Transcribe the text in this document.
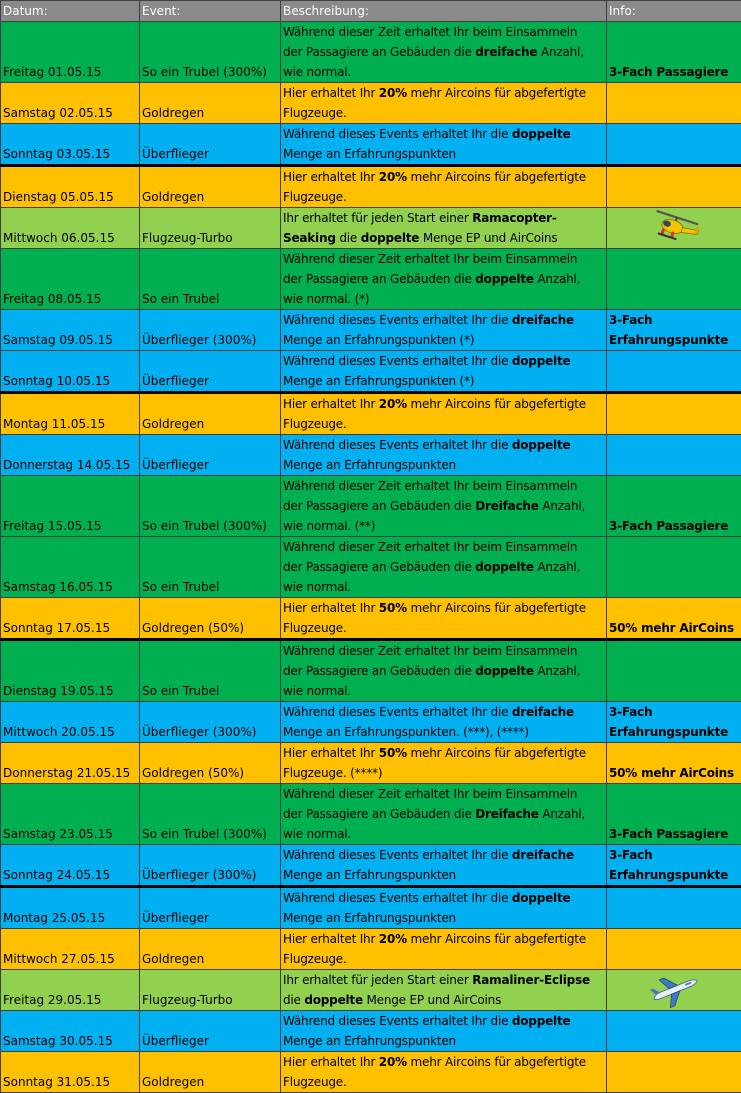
Datum:	Event:	Beschreibung:	Info:
Freitag 01.05.15	So ein Trubel (300%)	Während dieser Zeit erhaltet Ihr beim Einsammeln
der Passagiere an Gebäuden die dreifache Anzahl,
wie normal.	3-Fach Passagiere
Samstag 02.05.15	Goldregen	Hier erhaltet Ihr 20% mehr Aircoins für abgefertigte
Flugzeuge.	

Sonntag 03.05.15	Überflieger	Während dieses Events erhaltet Ihr die doppelte
Menge an Erfahrungspunkten	

Dienstag 05.05.15	Goldregen	Hier erhaltet Ihr 20% mehr Aircoins für abgefertigte
Flugzeuge.	

Mittwoch 06.05.15	Flugzeug-Turbo	Ihr erhaltet für jeden Start einer Ramacopter-
Seaking die doppelte Menge EP und AirCoins

Freitag 08.05.15	So ein Trubel	Während dieser Zeit erhaltet Ihr beim Einsammeln
der Passagiere an Gebäuden die doppelte Anzahl,
wie normal. (*)	

Samstag 09.05.15	Überflieger (300%)	Während dieses Events erhaltet Ihr die dreifache
Menge an Erfahrungspunkten (*)	3-Fach Erfahrungspunkte
Sonntag 10.05.15	Überflieger	Während dieses Events erhaltet Ihr die doppelte
Menge an Erfahrungspunkten (*)	

Montag 11.05.15	Goldregen	Hier erhaltet Ihr 20% mehr Aircoins für abgefertigte
Flugzeuge.	

Donnerstag 14.05.15	Überflieger	Während dieses Events erhaltet Ihr die doppelte
Menge an Erfahrungspunkten	

Freitag 15.05.15	So ein Trubel (300%)	Während dieser Zeit erhaltet Ihr beim Einsammeln
der Passagiere an Gebäuden die Dreifache Anzahl,
wie normal. (**)	3-Fach Passagiere
Samstag 16.05.15	So ein Trubel	Während dieser Zeit erhaltet Ihr beim Einsammeln
der Passagiere an Gebäuden die doppelte Anzahl,
wie normal.	

Sonntag 17.05.15	Goldregen (50%)	Hier erhaltet Ihr 50% mehr Aircoins für abgefertigte
Flugzeuge.	50% mehr AirCoins
Dienstag 19.05.15	So ein Trubel	Während dieser Zeit erhaltet Ihr beim Einsammeln
der Passagiere an Gebäuden die doppelte Anzahl,
wie normal.	

Mittwoch 20.05.15	Überflieger (300%)	Während dieses Events erhaltet Ihr die dreifache
Menge an Erfahrungspunkten. (***), (****)	3-Fach Erfahrungspunkte
Donnerstag 21.05.15	Goldregen (50%)	Hier erhaltet Ihr 50% mehr Aircoins für abgefertigte
Flugzeuge. (****)	50% mehr AirCoins
Samstag 23.05.15	So ein Trubel (300%)	Während dieser Zeit erhaltet Ihr beim Einsammeln
der Passagiere an Gebäuden die Dreifache Anzahl,
wie normal.	3-Fach Passagiere
Sonntag 24.05.15	Überflieger (300%)	Während dieses Events erhaltet Ihr die dreifache
Menge an Erfahrungspunkten	3-Fach Erfahrungspunkte
Montag 25.05.15	Überflieger	Während dieses Events erhaltet Ihr die doppelte
Menge an Erfahrungspunkten	

Mittwoch 27.05.15	Goldregen	Hier erhaltet Ihr 20% mehr Aircoins für abgefertigte
Flugzeuge.	

Freitag 29.05.15	Flugzeug-Turbo	Ihr erhaltet für jeden Start einer Ramaliner-Eclipse
die doppelte Menge EP und AirCoins

Samstag 30.05.15	Überflieger	Während dieses Events erhaltet Ihr die doppelte
Menge an Erfahrungspunkten	

Sonntag 31.05.15	Goldregen	Hier erhaltet Ihr 20% mehr Aircoins für abgefertigte
Flugzeuge.	
